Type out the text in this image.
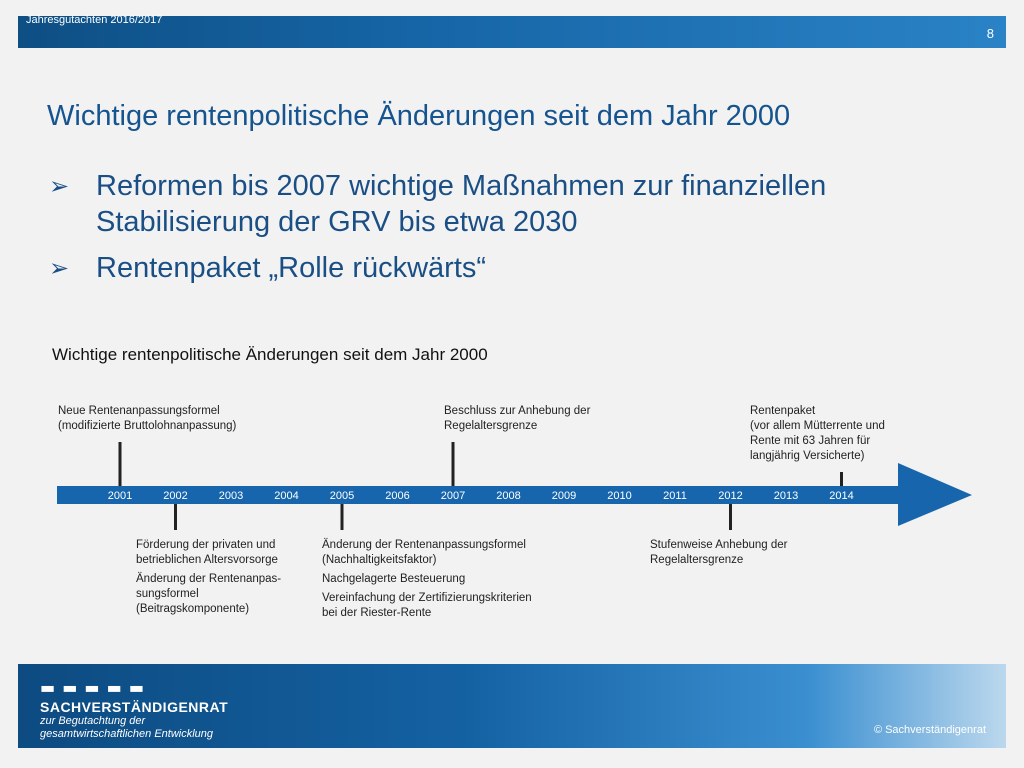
8
Jahresgutachten 2016/2017
Wichtige rentenpolitische Änderungen seit dem Jahr 2000
➢ Reformen bis 2007 wichtige Maßnahmen zur finanziellen
Stabilisierung der GRV bis etwa 2030
➢ Rentenpaket „Rolle rückwärts“
Wichtige rentenpolitische Änderungen seit dem Jahr 2000
2001	2002	2003	2004	2005	2006	2007	2008	2009	2010	2011	2012	2013	2014
▬ ▬ ▬ ▬ ▬
SACHVERSTÄNDIGENRAT
zur Begutachtung der
gesamtwirtschaftlichen Entwicklung	© Sachverständigenrat
Neue Rentenanpassungsformel
(modifizierte Bruttolohnanpassung)
Beschluss zur Anhebung der
Regelaltersgrenze
Rentenpaket
(vor allem Mütterrente und
Rente mit 63 Jahren für
langjährig Versicherte)
Förderung der privaten und
betrieblichen Altersvorsorge
Änderung der Rentenanpas-
sungsformel
(Beitragskomponente)
Änderung der Rentenanpassungsformel
(Nachhaltigkeitsfaktor)
Nachgelagerte Besteuerung
Vereinfachung der Zertifizierungskriterien
bei der Riester-Rente
Stufenweise Anhebung der
Regelaltersgrenze
